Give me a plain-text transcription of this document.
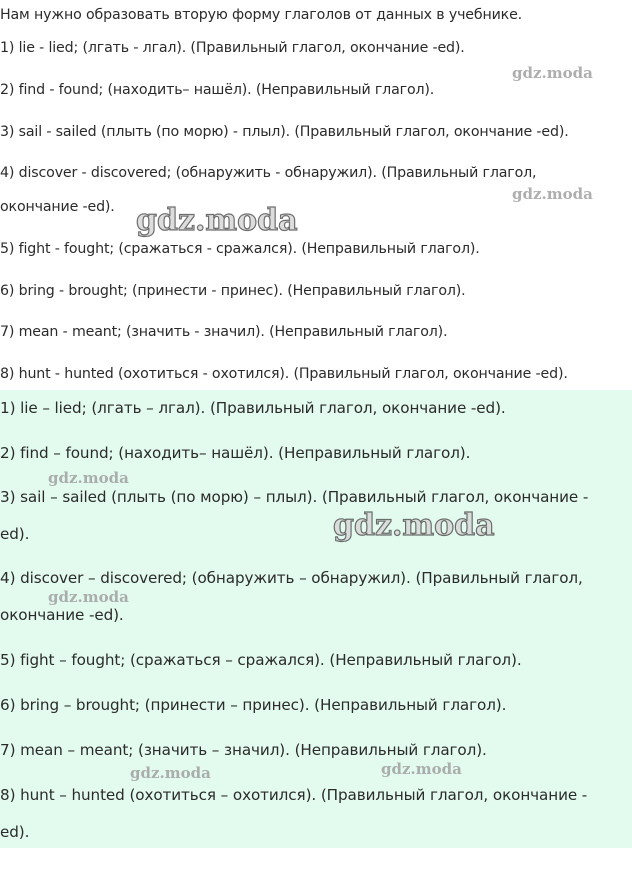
Нам нужно образовать вторую форму глаголов от данных в учебнике.
1) lie - lied; (лгать - лгал). (Правильный глагол, окончание -ed).
2) find - found; (находить– нашёл). (Неправильный глагол).
3) sail - sailed (плыть (по морю) - плыл). (Правильный глагол, окончание -ed).
4) discover - discovered; (обнаружить - обнаружил). (Правильный глагол,
окончание -ed).
5) fight - fought; (сражаться - сражался). (Неправильный глагол).
6) bring - brought; (принести - принес). (Неправильный глагол).
7) mean - meant; (значить - значил). (Неправильный глагол).
8) hunt - hunted (охотиться - охотился). (Правильный глагол, окончание -ed).
1) lie – lied; (лгать – лгал). (Правильный глагол, окончание -ed).
2) find – found; (находить– нашёл). (Неправильный глагол).
3) sail – sailed (плыть (по морю) – плыл). (Правильный глагол, окончание -
ed).
4) discover – discovered; (обнаружить – обнаружил). (Правильный глагол,
окончание -ed).
5) fight – fought; (сражаться – сражался). (Неправильный глагол).
6) bring – brought; (принести – принес). (Неправильный глагол).
7) mean – meant; (значить – значил). (Неправильный глагол).
8) hunt – hunted (охотиться – охотился). (Правильный глагол, окончание -
ed).
gdz.moda
gdz.moda
gdz.moda
gdz.moda
gdz.moda
gdz.moda
gdz.moda	gdz.moda
